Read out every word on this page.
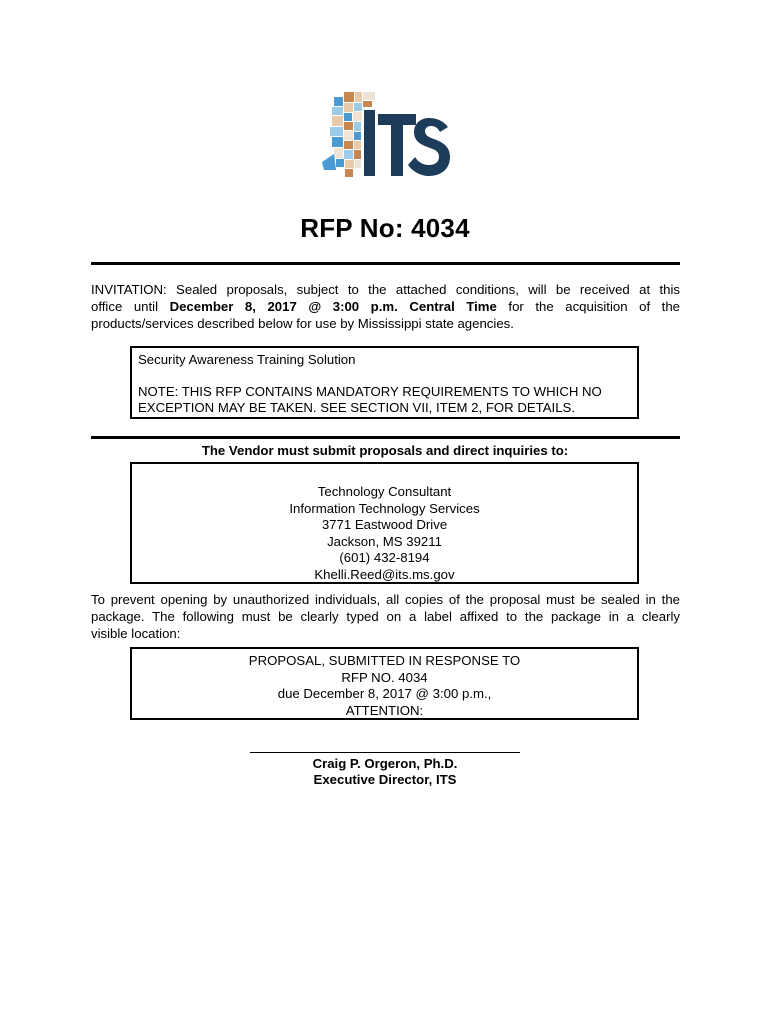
RFP No: 4034
INVITATION: Sealed proposals, subject to the attached conditions, will be received at this
office until December 8, 2017 @ 3:00 p.m. Central Time for the acquisition of the
products/services described below for use by Mississippi state agencies.
Security Awareness Training Solution
NOTE: THIS RFP CONTAINS MANDATORY REQUIREMENTS TO WHICH NO
EXCEPTION MAY BE TAKEN. SEE SECTION VII, ITEM 2, FOR DETAILS.
The Vendor must submit proposals and direct inquiries to:
Technology Consultant
Information Technology Services
3771 Eastwood Drive
Jackson, MS 39211
(601) 432-8194
Khelli.Reed@its.ms.gov
To prevent opening by unauthorized individuals, all copies of the proposal must be sealed in the
package. The following must be clearly typed on a label affixed to the package in a clearly
visible location:
PROPOSAL, SUBMITTED IN RESPONSE TO
RFP NO. 4034
due December 8, 2017 @ 3:00 p.m.,
ATTENTION:
Craig P. Orgeron, Ph.D.
Executive Director, ITS
